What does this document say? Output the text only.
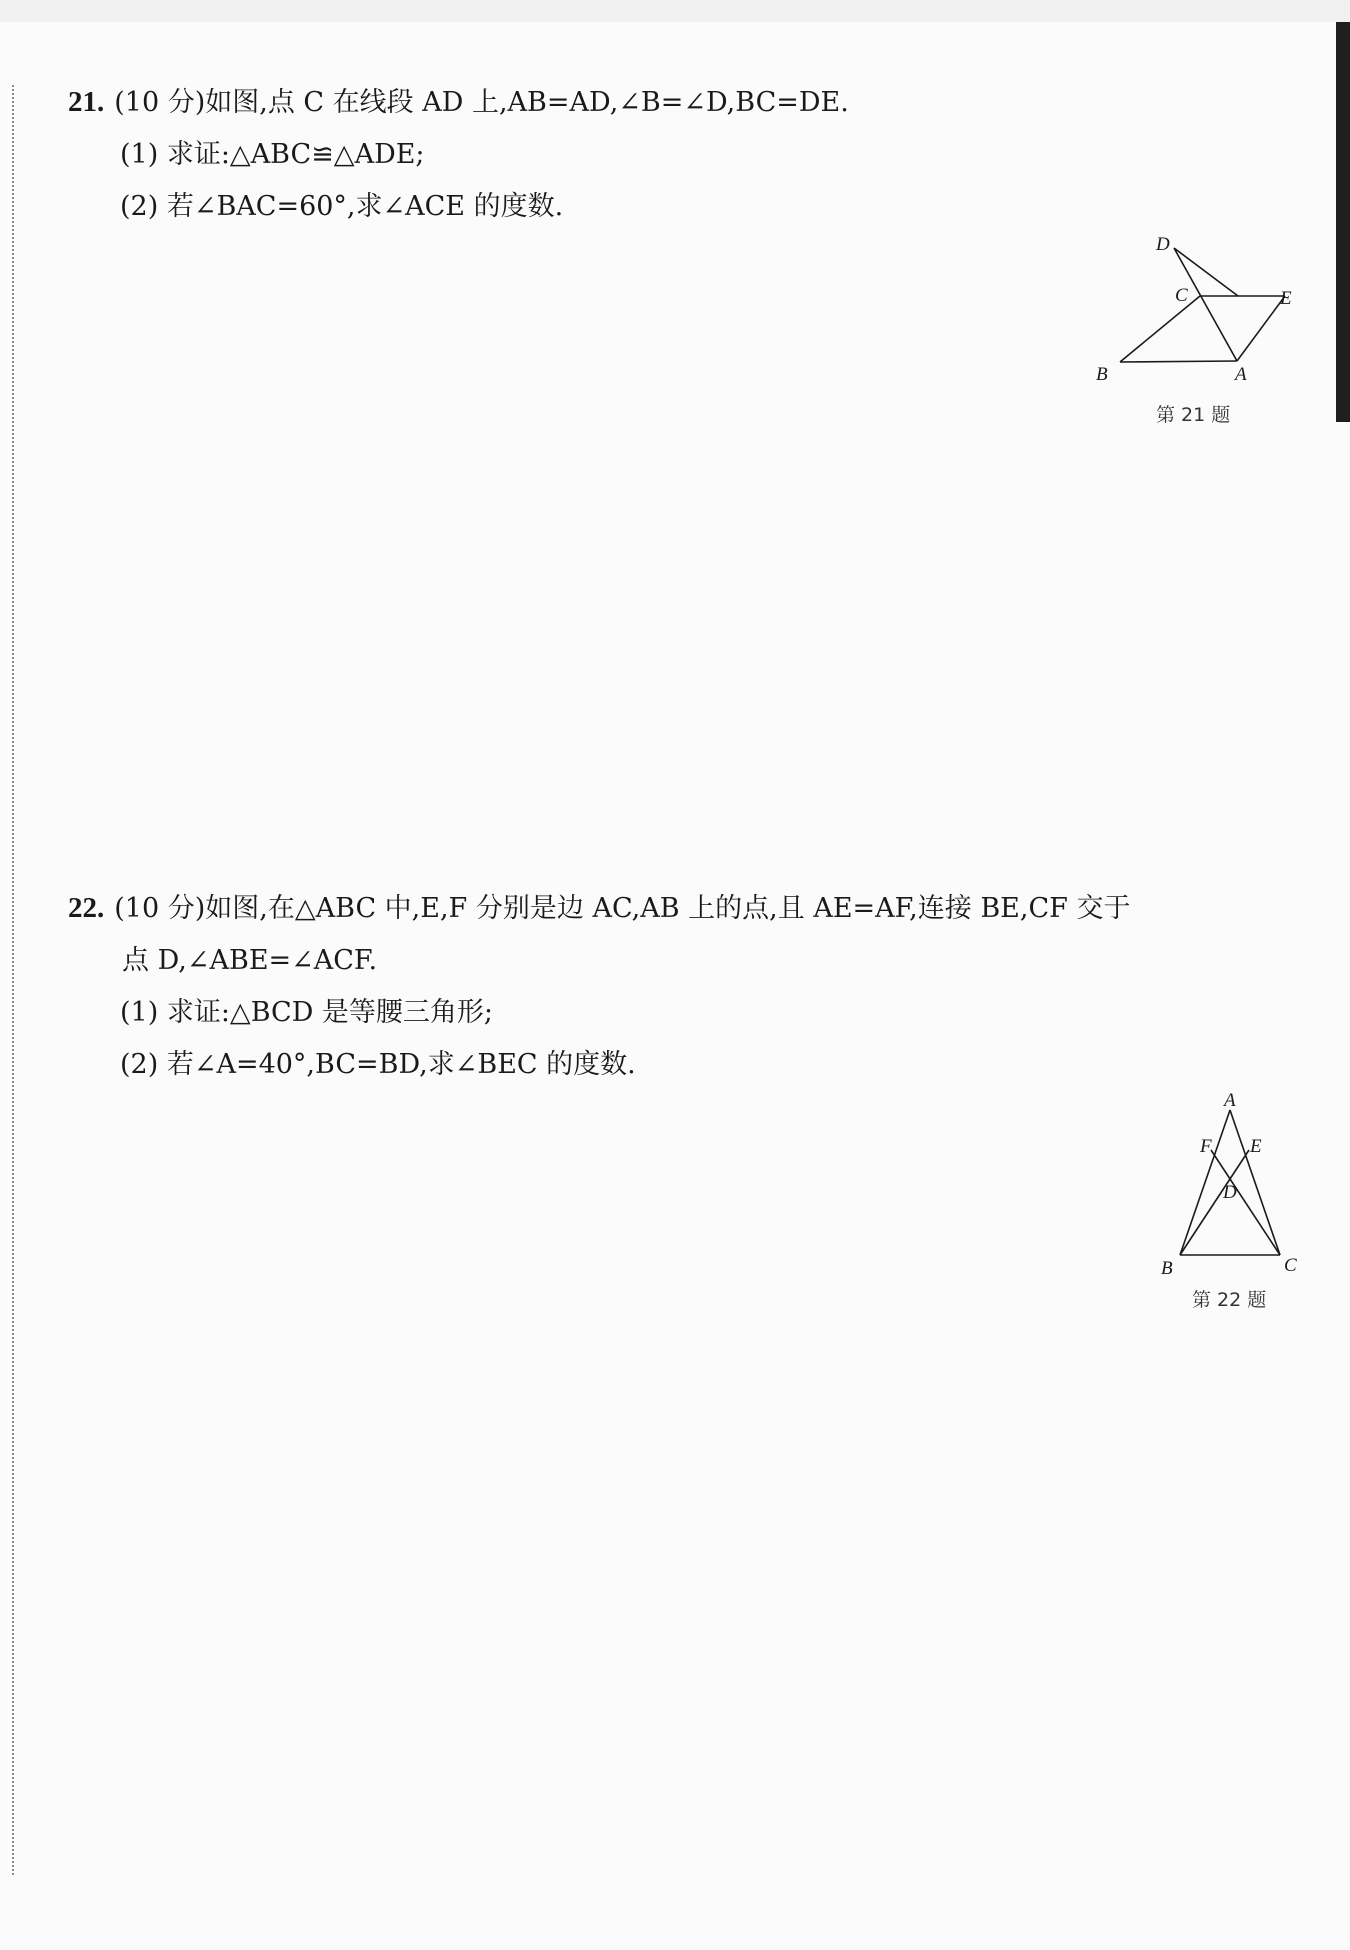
21. (10 分)如图,点 C 在线段 AD 上,AB=AD,∠B=∠D,BC=DE.
(1) 求证:△ABC≌△ADE;
(2) 若∠BAC=60°,求∠ACE 的度数.
D
C	E
B	A
第 21 题
22. (10 分)如图,在△ABC 中,E,F 分别是边 AC,AB 上的点,且 AE=AF,连接 BE,CF 交于
点 D,∠ABE=∠ACF.
(1) 求证:△BCD 是等腰三角形;
(2) 若∠A=40°,BC=BD,求∠BEC 的度数.
A
F E
D
B	C
第 22 题
